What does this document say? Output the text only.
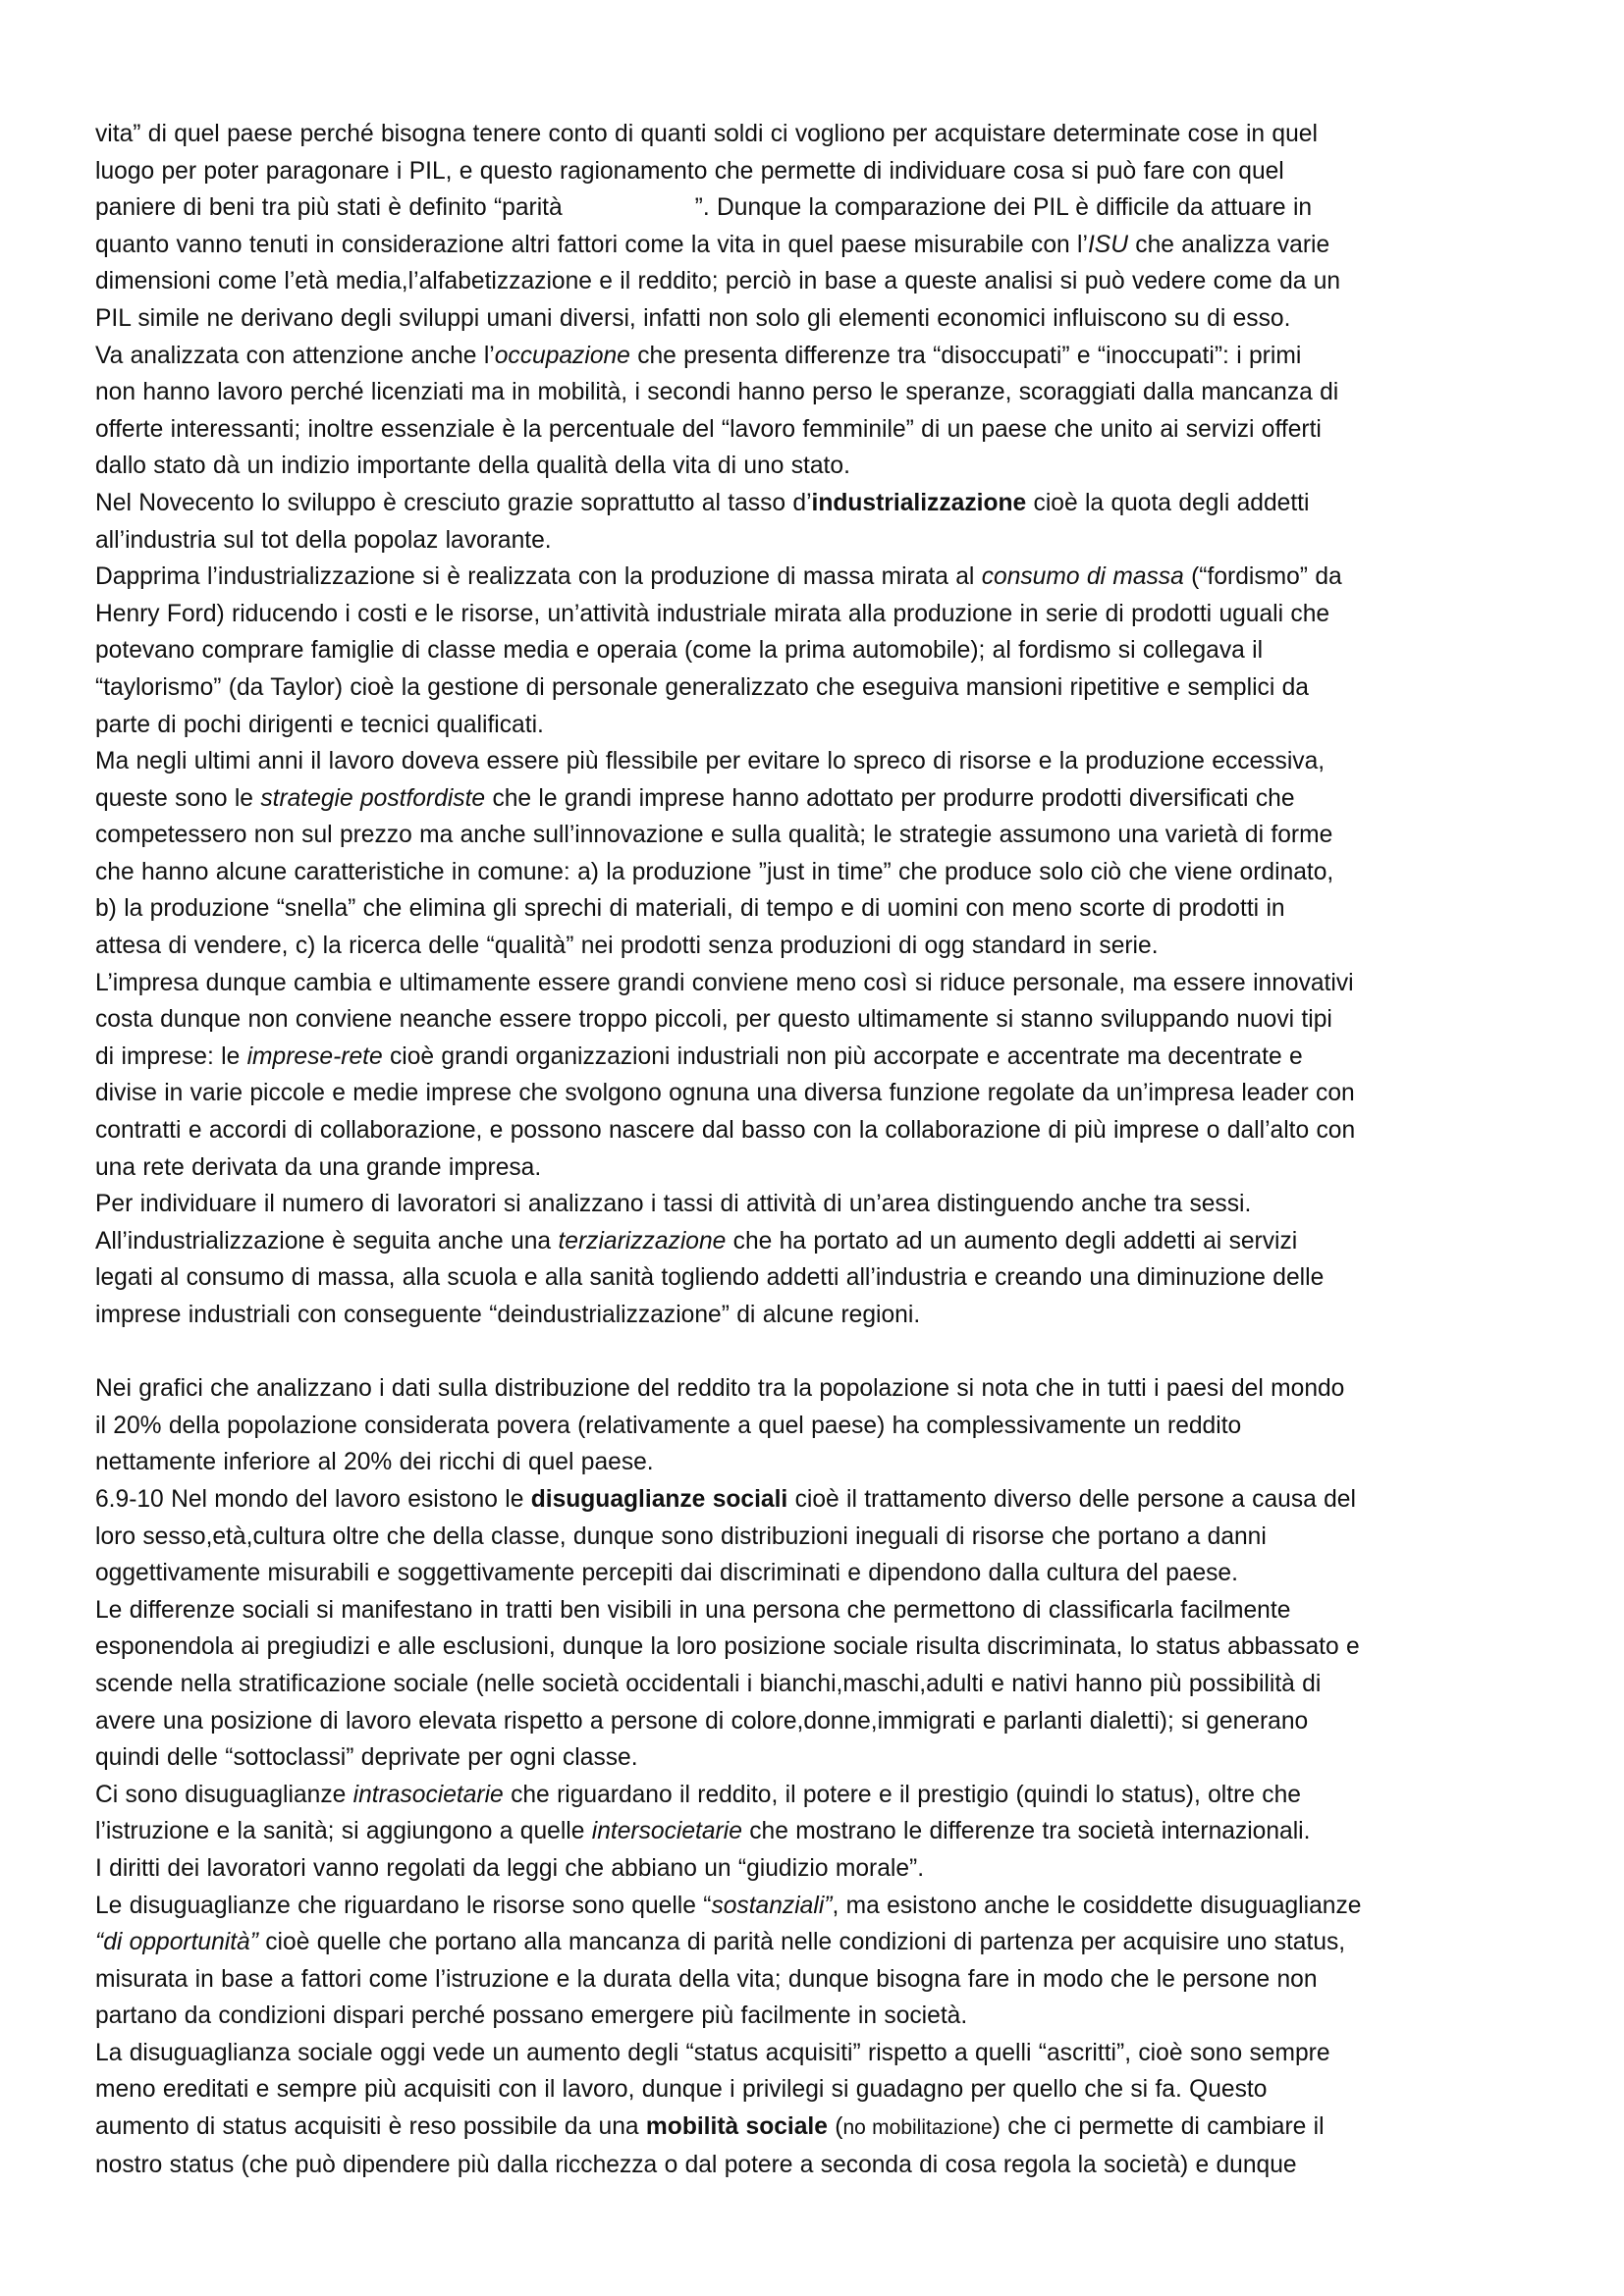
vita” di quel paese perché bisogna tenere conto di quanti soldi ci vogliono per acquistare determinate cose in quel
luogo per poter paragonare i PIL, e questo ragionamento che permette di individuare cosa si può fare con quel
paniere di beni tra più stati è definito “parità	”. Dunque la comparazione dei PIL è difficile da attuare in
quanto vanno tenuti in considerazione altri fattori come la vita in quel paese misurabile con l’ISU che analizza varie
dimensioni come l’età media,l’alfabetizzazione e il reddito; perciò in base a queste analisi si può vedere come da un
PIL simile ne derivano degli sviluppi umani diversi, infatti non solo gli elementi economici influiscono su di esso.

Va analizzata con attenzione anche l’occupazione che presenta differenze tra “disoccupati” e “inoccupati”: i primi
non hanno lavoro perché licenziati ma in mobilità, i secondi hanno perso le speranze, scoraggiati dalla mancanza di
offerte interessanti; inoltre essenziale è la percentuale del “lavoro femminile” di un paese che unito ai servizi offerti
dallo stato dà un indizio importante della qualità della vita di uno stato.

Nel Novecento lo sviluppo è cresciuto grazie soprattutto al tasso d’industrializzazione cioè la quota degli addetti
all’industria sul tot della popolaz lavorante.

Dapprima l’industrializzazione si è realizzata con la produzione di massa mirata al consumo di massa (“fordismo” da
Henry Ford) riducendo i costi e le risorse, un’attività industriale mirata alla produzione in serie di prodotti uguali che
potevano comprare famiglie di classe media e operaia (come la prima automobile); al fordismo si collegava il
“taylorismo” (da Taylor) cioè la gestione di personale generalizzato che eseguiva mansioni ripetitive e semplici da
parte di pochi dirigenti e tecnici qualificati.

Ma negli ultimi anni il lavoro doveva essere più flessibile per evitare lo spreco di risorse e la produzione eccessiva,
queste sono le strategie postfordiste che le grandi imprese hanno adottato per produrre prodotti diversificati che
competessero non sul prezzo ma anche sull’innovazione e sulla qualità; le strategie assumono una varietà di forme
che hanno alcune caratteristiche in comune: a) la produzione ”just in time” che produce solo ciò che viene ordinato,
b) la produzione “snella” che elimina gli sprechi di materiali, di tempo e di uomini con meno scorte di prodotti in
attesa di vendere, c) la ricerca delle “qualità” nei prodotti senza produzioni di ogg standard in serie.

L’impresa dunque cambia e ultimamente essere grandi conviene meno così si riduce personale, ma essere innovativi
costa dunque non conviene neanche essere troppo piccoli, per questo ultimamente si stanno sviluppando nuovi tipi
di imprese: le imprese-rete cioè grandi organizzazioni industriali non più accorpate e accentrate ma decentrate e
divise in varie piccole e medie imprese che svolgono ognuna una diversa funzione regolate da un’impresa leader con
contratti e accordi di collaborazione, e possono nascere dal basso con la collaborazione di più imprese o dall’alto con
una rete derivata da una grande impresa.

Per individuare il numero di lavoratori si analizzano i tassi di attività di un’area distinguendo anche tra sessi.

All’industrializzazione è seguita anche una terziarizzazione che ha portato ad un aumento degli addetti ai servizi
legati al consumo di massa, alla scuola e alla sanità togliendo addetti all’industria e creando una diminuzione delle
imprese industriali con conseguente “deindustrializzazione” di alcune regioni.

Nei grafici che analizzano i dati sulla distribuzione del reddito tra la popolazione si nota che in tutti i paesi del mondo
il 20% della popolazione considerata povera (relativamente a quel paese) ha complessivamente un reddito
nettamente inferiore al 20% dei ricchi di quel paese.

6.9-10 Nel mondo del lavoro esistono le disuguaglianze sociali cioè il trattamento diverso delle persone a causa del
loro sesso,età,cultura oltre che della classe, dunque sono distribuzioni ineguali di risorse che portano a danni
oggettivamente misurabili e soggettivamente percepiti dai discriminati e dipendono dalla cultura del paese.

Le differenze sociali si manifestano in tratti ben visibili in una persona che permettono di classificarla facilmente
esponendola ai pregiudizi e alle esclusioni, dunque la loro posizione sociale risulta discriminata, lo status abbassato e
scende nella stratificazione sociale (nelle società occidentali i bianchi,maschi,adulti e nativi hanno più possibilità di
avere una posizione di lavoro elevata rispetto a persone di colore,donne,immigrati e parlanti dialetti); si generano
quindi delle “sottoclassi” deprivate per ogni classe.

Ci sono disuguaglianze intrasocietarie che riguardano il reddito, il potere e il prestigio (quindi lo status), oltre che
l’istruzione e la sanità; si aggiungono a quelle intersocietarie che mostrano le differenze tra società internazionali.

I diritti dei lavoratori vanno regolati da leggi che abbiano un “giudizio morale”.

Le disuguaglianze che riguardano le risorse sono quelle “sostanziali”, ma esistono anche le cosiddette disuguaglianze
“di opportunità” cioè quelle che portano alla mancanza di parità nelle condizioni di partenza per acquisire uno status,
misurata in base a fattori come l’istruzione e la durata della vita; dunque bisogna fare in modo che le persone non
partano da condizioni dispari perché possano emergere più facilmente in società.

La disuguaglianza sociale oggi vede un aumento degli “status acquisiti” rispetto a quelli “ascritti”, cioè sono sempre
meno ereditati e sempre più acquisiti con il lavoro, dunque i privilegi si guadagno per quello che si fa. Questo
aumento di status acquisiti è reso possibile da una mobilità sociale (no mobilitazione) che ci permette di cambiare il
nostro status (che può dipendere più dalla ricchezza o dal potere a seconda di cosa regola la società) e dunque
